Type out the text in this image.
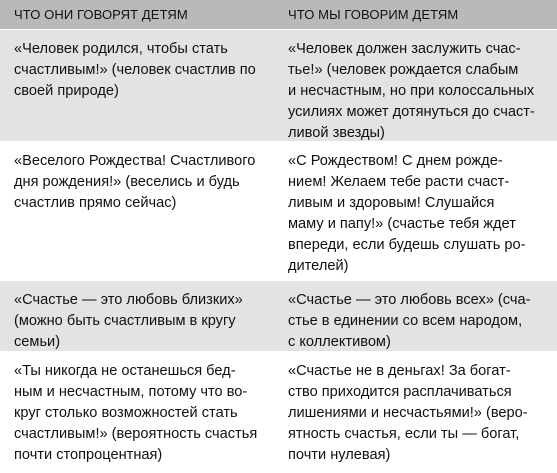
ЧТО ОНИ ГОВОРЯТ ДЕТЯМ	ЧТО МЫ ГОВОРИМ ДЕТЯМ
«Человек родился, чтобы стать
счастливым!» (человек счастлив по
своей природе)
«Человек должен заслужить счас-
тье!» (человек рождается слабым
и несчастным, но при колоссальных
усилиях может дотянуться до счаст-
ливой звезды)
«Веселого Рождества! Счастливого
дня рождения!» (веселись и будь
счастлив прямо сейчас)
«С Рождеством! С днем рожде-
нием! Желаем тебе расти счаст-
ливым и здоровым! Слушайся
маму и папу!» (счастье тебя ждет
впереди, если будешь слушать ро-
дителей)
«Счастье — это любовь близких»
(можно быть счастливым в кругу
семьи)
«Счастье — это любовь всех» (сча-
стье в единении со всем народом,
с коллективом)
«Ты никогда не останешься бед-
ным и несчастным, потому что во-
круг столько возможностей стать
счастливым!» (вероятность счастья
почти стопроцентная)
«Счастье не в деньгах! За богат-
ство приходится расплачиваться
лишениями и несчастьями!» (веро-
ятность счастья, если ты — богат,
почти нулевая)
